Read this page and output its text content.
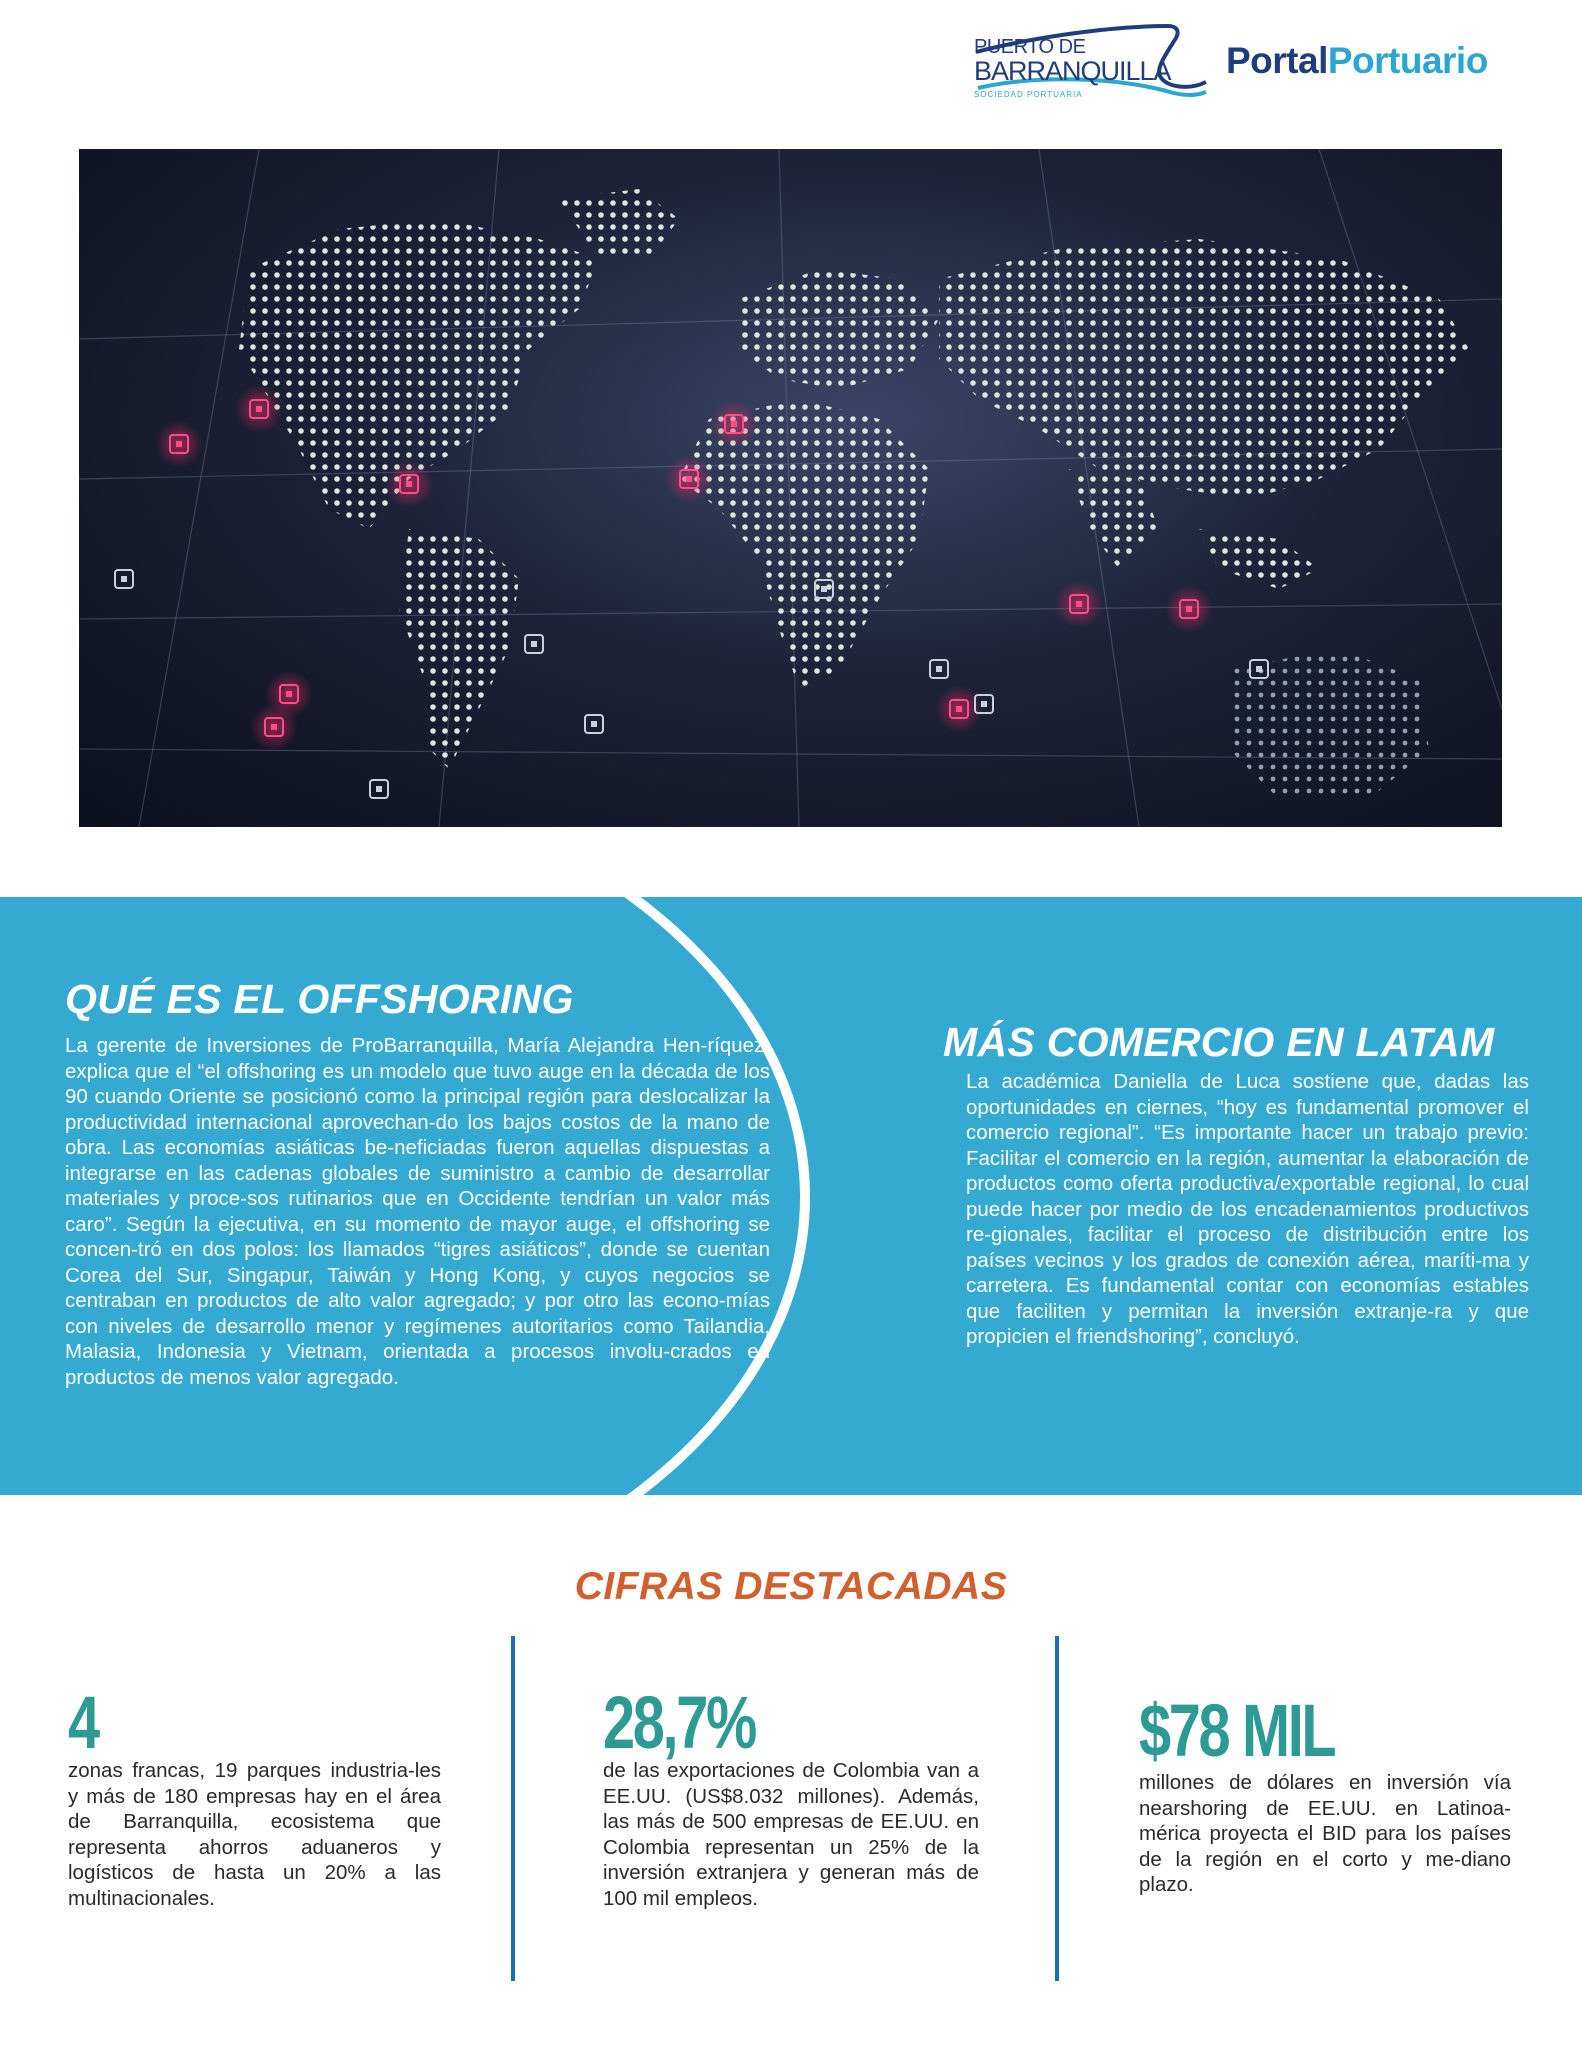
PUERTO DE
BARRANQUILLA
SOCIEDAD PORTUARIA
PortalPortuario
QUÉ ES EL OFFSHORING

La gerente de Inversiones de ProBarranquilla, María Alejandra Hen-ríquez, explica que el “el offshoring es un modelo que tuvo auge en la década de los 90 cuando Oriente se posicionó como la principal región para deslocalizar la productividad internacional aprovechan-do los bajos costos de la mano de obra. Las economías asiáticas be-neficiadas fueron aquellas dispuestas a integrarse en las cadenas globales de suministro a cambio de desarrollar materiales y proce-sos rutinarios que en Occidente tendrían un valor más caro”. Según la ejecutiva, en su momento de mayor auge, el offshoring se concen-tró en dos polos: los llamados “tigres asiáticos”, donde se cuentan Corea del Sur, Singapur, Taiwán y Hong Kong, y cuyos negocios se centraban en productos de alto valor agregado; y por otro las econo-mías con niveles de desarrollo menor y regímenes autoritarios como Tailandia, Malasia, Indonesia y Vietnam, orientada a procesos involu-crados en productos de menos valor agregado.

MÁS COMERCIO EN LATAM

La académica Daniella de Luca sostiene que, dadas las oportunidades en ciernes, “hoy es fundamental promover el comercio regional”. “Es importante hacer un trabajo previo: Facilitar el comercio en la región, aumentar la elaboración de productos como oferta productiva/exportable regional, lo cual puede hacer por medio de los encadenamientos productivos re-gionales, facilitar el proceso de distribución entre los países vecinos y los grados de conexión aérea, maríti-ma y carretera. Es fundamental contar con economías estables que faciliten y permitan la inversión extranje-ra y que propicien el friendshoring”, concluyó.

CIFRAS DESTACADAS
4

zonas francas, 19 parques industria-les y más de 180 empresas hay en el área de Barranquilla, ecosistema que representa ahorros aduaneros y logísticos de hasta un 20% a las multinacionales.

28,7%

de las exportaciones de Colombia van a EE.UU. (US$8.032 millones). Además, las más de 500 empresas de EE.UU. en Colombia representan un 25% de la inversión extranjera y generan más de 100 mil empleos.

$78 MIL

millones de dólares en inversión vía nearshoring de EE.UU. en Latinoa-mérica proyecta el BID para los países de la región en el corto y me-diano plazo.
